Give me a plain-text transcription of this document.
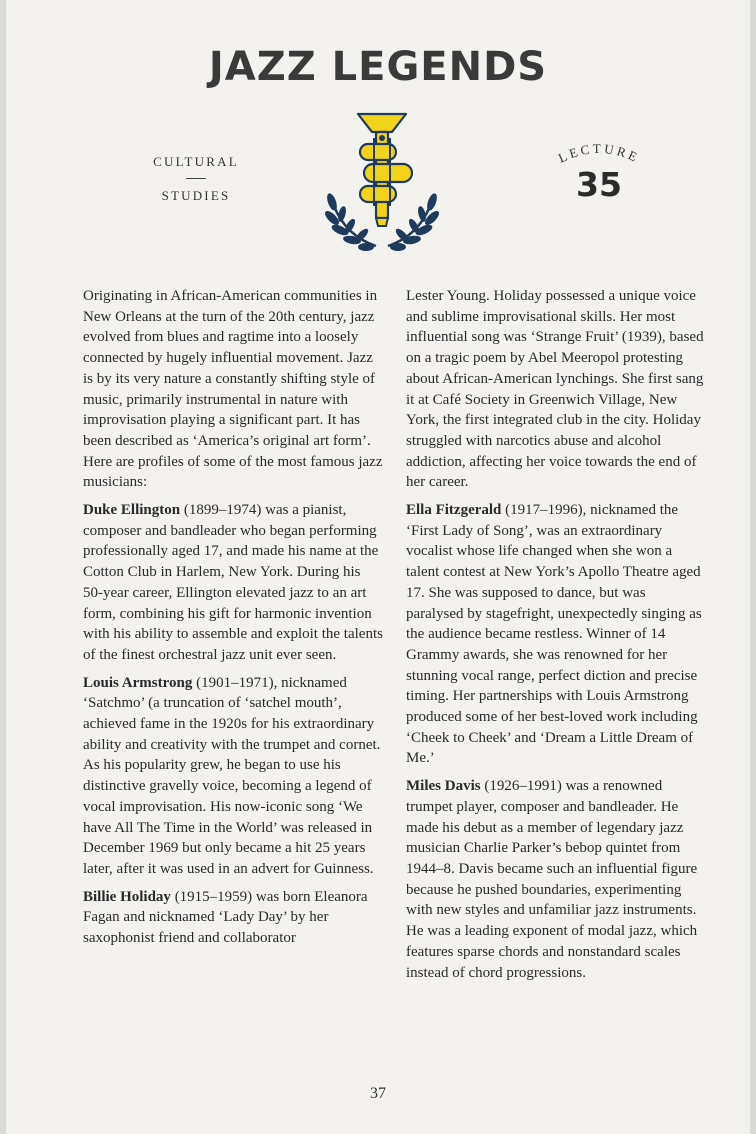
JAZZ LEGENDS
CULTURAL
STUDIES
LECTURE
35

Originating in African-American communities in New Orleans at the turn of the 20th century, jazz evolved from blues and ragtime into a loosely connected by hugely influential movement. Jazz is by its very nature a constantly shifting style of music, primarily instrumental in nature with improvisation playing a significant part. It has been described as ‘America’s original art form’. Here are profiles of some of the most famous jazz musicians:

Duke Ellington (1899–1974) was a pianist, composer and bandleader who began performing professionally aged 17, and made his name at the Cotton Club in Harlem, New York. During his 50-year career, Ellington elevated jazz to an art form, combining his gift for harmonic invention with his ability to assemble and exploit the talents of the finest orchestral jazz unit ever seen.

Louis Armstrong (1901–1971), nicknamed ‘Satchmo’ (a truncation of ‘satchel mouth’, achieved fame in the 1920s for his extraordinary ability and creativity with the trumpet and cornet. As his popularity grew, he began to use his distinctive gravelly voice, becoming a legend of vocal improvisation. His now-iconic song ‘We have All The Time in the World’ was released in December 1969 but only became a hit 25 years later, after it was used in an advert for Guinness.

Billie Holiday (1915–1959) was born Eleanora Fagan and nicknamed ‘Lady Day’ by her saxophonist friend and collaborator

Lester Young. Holiday possessed a unique voice and sublime improvisational skills. Her most influential song was ‘Strange Fruit’ (1939), based on a tragic poem by Abel Meeropol protesting about African-American lynchings. She first sang it at Café Society in Greenwich Village, New York, the first integrated club in the city. Holiday struggled with narcotics abuse and alcohol addiction, affecting her voice towards the end of her career.

Ella Fitzgerald (1917–1996), nicknamed the ‘First Lady of Song’, was an extraordinary vocalist whose life changed when she won a talent contest at New York’s Apollo Theatre aged 17. She was supposed to dance, but was paralysed by stagefright, unexpectedly singing as the audience became restless. Winner of 14 Grammy awards, she was renowned for her stunning vocal range, perfect diction and precise timing. Her partnerships with Louis Armstrong produced some of her best-loved work including ‘Cheek to Cheek’ and ‘Dream a Little Dream of Me.’

Miles Davis (1926–1991) was a renowned trumpet player, composer and bandleader. He made his debut as a member of legendary jazz musician Charlie Parker’s bebop quintet from 1944–8. Davis became such an influential figure because he pushed boundaries, experimenting with new styles and unfamiliar jazz instruments. He was a leading exponent of modal jazz, which features sparse chords and nonstandard scales instead of chord progressions.

37
